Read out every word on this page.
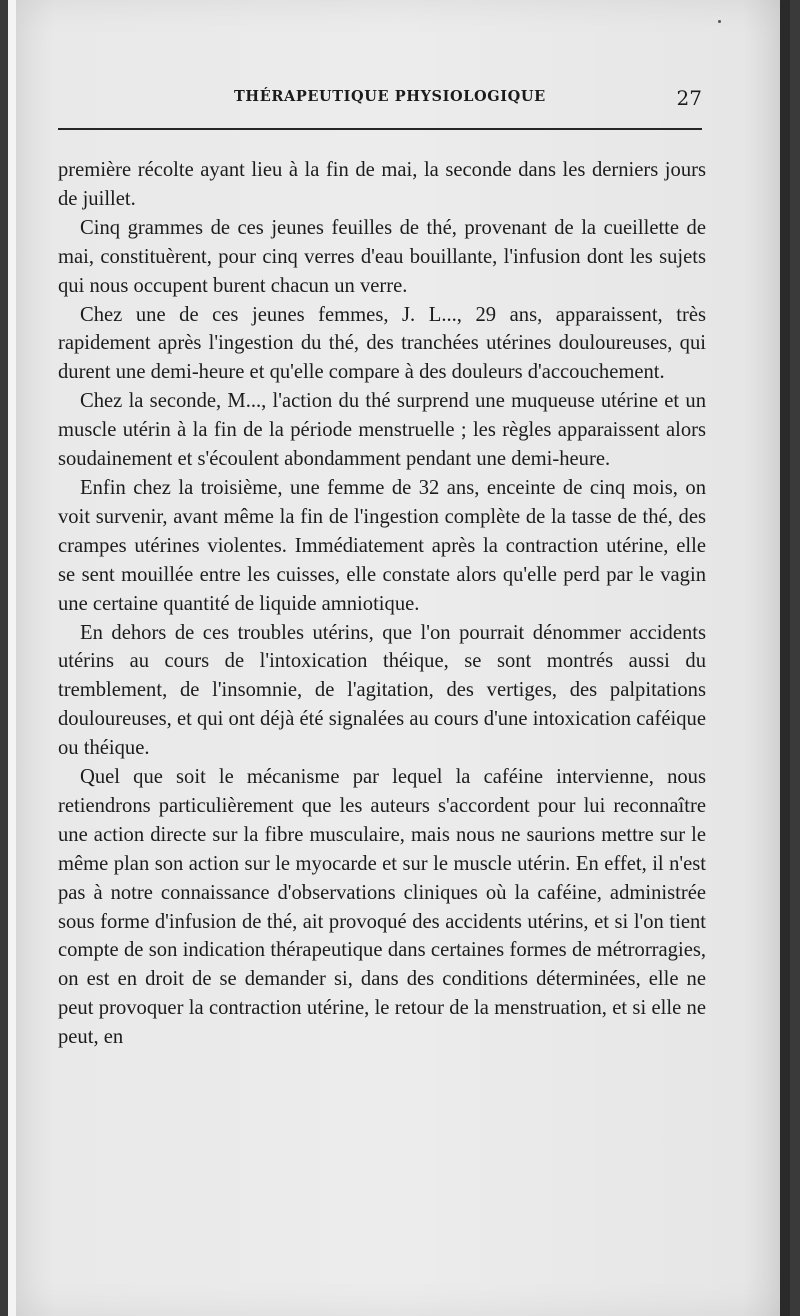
THÉRAPEUTIQUE PHYSIOLOGIQUE	27

première récolte ayant lieu à la fin de mai, la seconde dans les derniers jours de juillet.

Cinq grammes de ces jeunes feuilles de thé, provenant de la cueillette de mai, constituèrent, pour cinq verres d'eau bouillante, l'infusion dont les sujets qui nous occupent burent chacun un verre.

Chez une de ces jeunes femmes, J. L..., 29 ans, apparaissent, très rapidement après l'ingestion du thé, des tranchées utérines douloureuses, qui durent une demi-heure et qu'elle compare à des douleurs d'accouchement.

Chez la seconde, M..., l'action du thé surprend une muqueuse utérine et un muscle utérin à la fin de la période menstruelle ; les règles apparaissent alors soudainement et s'écoulent abondamment pendant une demi-heure.

Enfin chez la troisième, une femme de 32 ans, enceinte de cinq mois, on voit survenir, avant même la fin de l'ingestion complète de la tasse de thé, des crampes utérines violentes. Immédiatement après la contraction utérine, elle se sent mouillée entre les cuisses, elle constate alors qu'elle perd par le vagin une certaine quantité de liquide amniotique.

En dehors de ces troubles utérins, que l'on pourrait dénommer accidents utérins au cours de l'intoxication théique, se sont montrés aussi du tremblement, de l'insomnie, de l'agitation, des vertiges, des palpitations douloureuses, et qui ont déjà été signalées au cours d'une intoxication caféique ou théique.

Quel que soit le mécanisme par lequel la caféine intervienne, nous retiendrons particulièrement que les auteurs s'accordent pour lui reconnaître une action directe sur la fibre musculaire, mais nous ne saurions mettre sur le même plan son action sur le myocarde et sur le muscle utérin. En effet, il n'est pas à notre connaissance d'observations cliniques où la caféine, administrée sous forme d'infusion de thé, ait provoqué des accidents utérins, et si l'on tient compte de son indication thérapeutique dans certaines formes de métrorragies, on est en droit de se demander si, dans des conditions déterminées, elle ne peut provoquer la contraction utérine, le retour de la menstruation, et si elle ne peut, en
